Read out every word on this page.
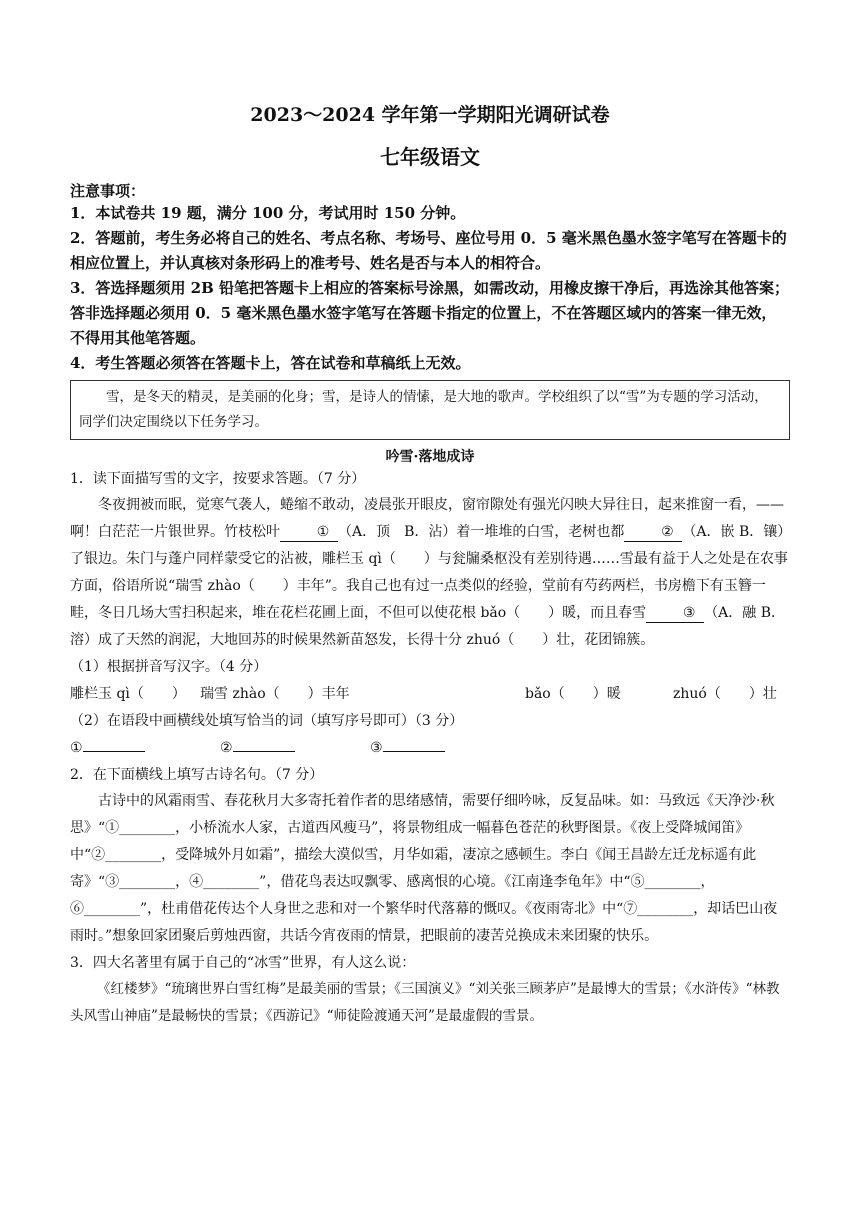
2023～2024 学年第一学期阳光调研试卷

七年级语文

注意事项：

1．本试卷共 19 题，满分 100 分，考试用时 150 分钟。

2．答题前，考生务必将自己的姓名、考点名称、考场号、座位号用 0．5 毫米黑色墨水签字笔写在答题卡的相应位置上，并认真核对条形码上的准考号、姓名是否与本人的相符合。

3．答选择题须用 2B 铅笔把答题卡上相应的答案标号涂黑，如需改动，用橡皮擦干净后，再选涂其他答案；答非选择题必须用 0．5 毫米黑色墨水签字笔写在答题卡指定的位置上，不在答题区域内的答案一律无效，不得用其他笔答题。

4．考生答题必须答在答题卡上，答在试卷和草稿纸上无效。

雪，是冬天的精灵，是美丽的化身；雪，是诗人的情愫，是大地的歌声。学校组织了以“雪”为专题的学习活动，同学们决定围绕以下任务学习。
吟雪·落地成诗

1．读下面描写雪的文字，按要求答题。（7 分）

冬夜拥被而眠，觉寒气袭人，蜷缩不敢动，凌晨张开眼皮，窗帘隙处有强光闪映大异往日，起来推窗一看，——啊！白茫茫一片银世界。竹枝松叶	① （A．顶　B．沾）着一堆堆的白雪，老树也都	② （A．嵌 B．镶）了银边。朱门与蓬户同样蒙受它的沾被，雕栏玉 qì（　　）与瓮牖桑枢没有差别待遇……雪最有益于人之处是在农事方面，俗语所说“瑞雪 zhào（　　）丰年”。我自己也有过一点类似的经验，堂前有芍药两栏，书房檐下有玉簪一畦，冬日几场大雪扫积起来，堆在花栏花圃上面，不但可以使花根 bǎo（　　）暖，而且春雪	③ （A．融 B．溶）成了天然的润泥，大地回苏的时候果然新苗怒发，长得十分 zhuó（　　）壮，花团锦簇。

（1）根据拼音写汉字。（4 分）

雕栏玉 qì（　　）	瑞雪 zhào（　　）丰年	bǎo（　　）暖	zhuó（　　）壮

（2）在语段中画横线处填写恰当的词（填写序号即可）（3 分）

①	②	③

2．在下面横线上填写古诗名句。（7 分）

古诗中的风霜雨雪、春花秋月大多寄托着作者的思绪感情，需要仔细吟咏，反复品味。如：马致远《天净沙·秋思》“①________，小桥流水人家，古道西风瘦马”，将景物组成一幅暮色苍茫的秋野图景。《夜上受降城闻笛》中“②________，受降城外月如霜”，描绘大漠似雪，月华如霜，凄凉之感顿生。李白《闻王昌龄左迁龙标遥有此寄》“③________，④________”，借花鸟表达叹飘零、感离恨的心境。《江南逢李龟年》中“⑤________，⑥________”，杜甫借花传达个人身世之悲和对一个繁华时代落幕的慨叹。《夜雨寄北》中“⑦________，却话巴山夜雨时。”想象回家团聚后剪烛西窗，共话今宵夜雨的情景，把眼前的凄苦兑换成未来团聚的快乐。

3．四大名著里有属于自己的“冰雪”世界，有人这么说：

《红楼梦》“琉璃世界白雪红梅”是最美丽的雪景；《三国演义》“刘关张三顾茅庐”是最博大的雪景；《水浒传》“林教头风雪山神庙”是最畅快的雪景；《西游记》“师徒险渡通天河”是最虚假的雪景。
